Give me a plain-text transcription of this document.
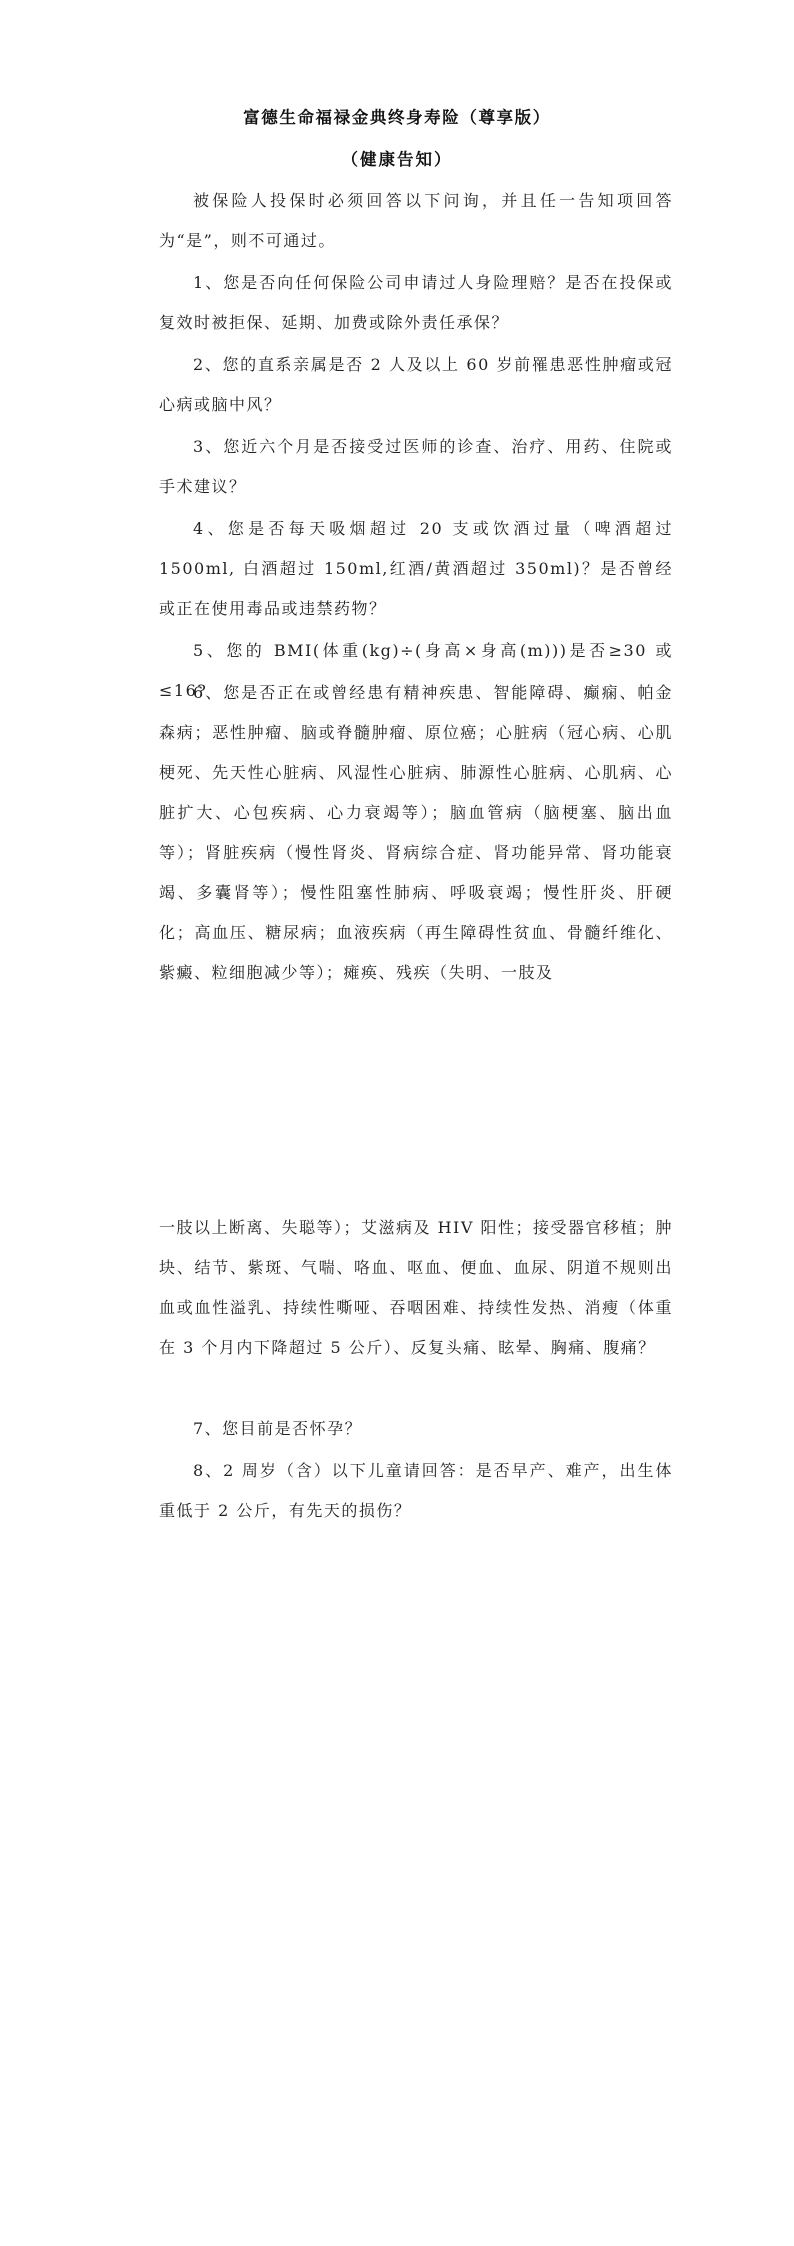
富德生命福禄金典终身寿险（尊享版）
（健康告知）
被保险人投保时必须回答以下问询，并且任一告知项回答为“是”，则不可通过。
1、您是否向任何保险公司申请过人身险理赔？是否在投保或复效时被拒保、延期、加费或除外责任承保？
2、您的直系亲属是否 2 人及以上 60 岁前罹患恶性肿瘤或冠心病或脑中风？
3、您近六个月是否接受过医师的诊查、治疗、用药、住院或手术建议？
4、您是否每天吸烟超过 20 支或饮酒过量（啤酒超过 1500ml, 白酒超过 150ml,红酒/黄酒超过 350ml)？是否曾经或正在使用毒品或违禁药物？
5、您的 BMI(体重(kg)÷(身高×身高(m)))是否≥30 或≤16?
6、您是否正在或曾经患有精神疾患、智能障碍、癫痫、帕金森病；恶性肿瘤、脑或脊髓肿瘤、原位癌；心脏病（冠心病、心肌梗死、先天性心脏病、风湿性心脏病、肺源性心脏病、心肌病、心脏扩大、心包疾病、心力衰竭等）；脑血管病（脑梗塞、脑出血等）；肾脏疾病（慢性肾炎、肾病综合症、肾功能异常、肾功能衰竭、多囊肾等）；慢性阻塞性肺病、呼吸衰竭；慢性肝炎、肝硬化；高血压、糖尿病；血液疾病（再生障碍性贫血、骨髓纤维化、紫癜、粒细胞减少等）；瘫痪、残疾（失明、一肢及
一肢以上断离、失聪等）；艾滋病及 HIV 阳性；接受器官移植；肿块、结节、紫斑、气喘、咯血、呕血、便血、血尿、阴道不规则出血或血性溢乳、持续性嘶哑、吞咽困难、持续性发热、消瘦（体重在 3 个月内下降超过 5 公斤）、反复头痛、眩晕、胸痛、腹痛？
7、您目前是否怀孕？
8、2 周岁（含）以下儿童请回答：是否早产、难产，出生体重低于 2 公斤，有先天的损伤？
